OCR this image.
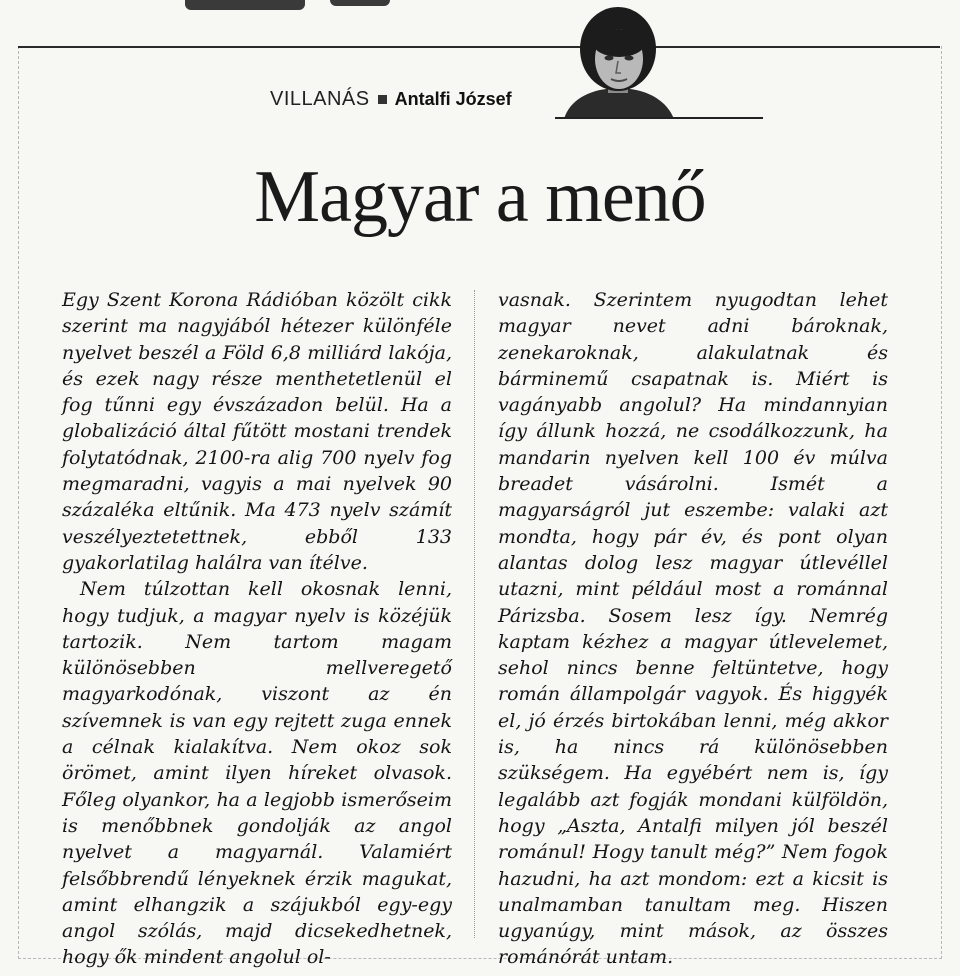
VILLANÁS Antalfi József
Magyar a menő

Egy Szent Korona Rádióban közölt cikk szerint ma nagyjából hétezer különféle nyelvet beszél a Föld 6,8 milliárd lakója, és ezek nagy része menthetetlenül el fog tűnni egy évszázadon belül. Ha a globalizáció által fűtött mostani trendek folytatódnak, 2100-ra alig 700 nyelv fog megmaradni, vagyis a mai nyelvek 90 százaléka eltűnik. Ma 473 nyelv számít veszélyeztetettnek, ebből 133 gyakorlatilag halálra van ítélve.

Nem túlzottan kell okosnak lenni, hogy tudjuk, a magyar nyelv is közéjük tartozik. Nem tartom magam különösebben mellveregető magyarkodónak, viszont az én szívemnek is van egy rejtett zuga ennek a célnak kialakítva. Nem okoz sok örömet, amint ilyen híreket olvasok. Főleg olyankor, ha a legjobb ismerőseim is menőbbnek gondolják az angol nyelvet a magyarnál. Valamiért felsőbbrendű lényeknek érzik magukat, amint elhangzik a szájukból egy-egy angol szólás, majd dicsekedhetnek, hogy ők mindent angolul ol-

vasnak. Szerintem nyugodtan lehet magyar nevet adni bároknak, zenekaroknak, alakulatnak és bárminemű csapatnak is. Miért is vagányabb angolul? Ha mindannyian így állunk hozzá, ne csodálkozzunk, ha mandarin nyelven kell 100 év múlva breadet vásárolni. Ismét a magyarságról jut eszembe: valaki azt mondta, hogy pár év, és pont olyan alantas dolog lesz magyar útlevéllel utazni, mint például most a románnal Párizsba. Sosem lesz így. Nemrég kaptam kézhez a magyar útlevelemet, sehol nincs benne feltüntetve, hogy román állampolgár vagyok. És higgyék el, jó érzés birtokában lenni, még akkor is, ha nincs rá különösebben szükségem. Ha egyébért nem is, így legalább azt fogják mondani külföldön, hogy „Aszta, Antalfi milyen jól beszél románul! Hogy tanult még?” Nem fogok hazudni, ha azt mondom: ezt a kicsit is unalmamban tanultam meg. Hiszen ugyanúgy, mint mások, az összes románórát untam.
